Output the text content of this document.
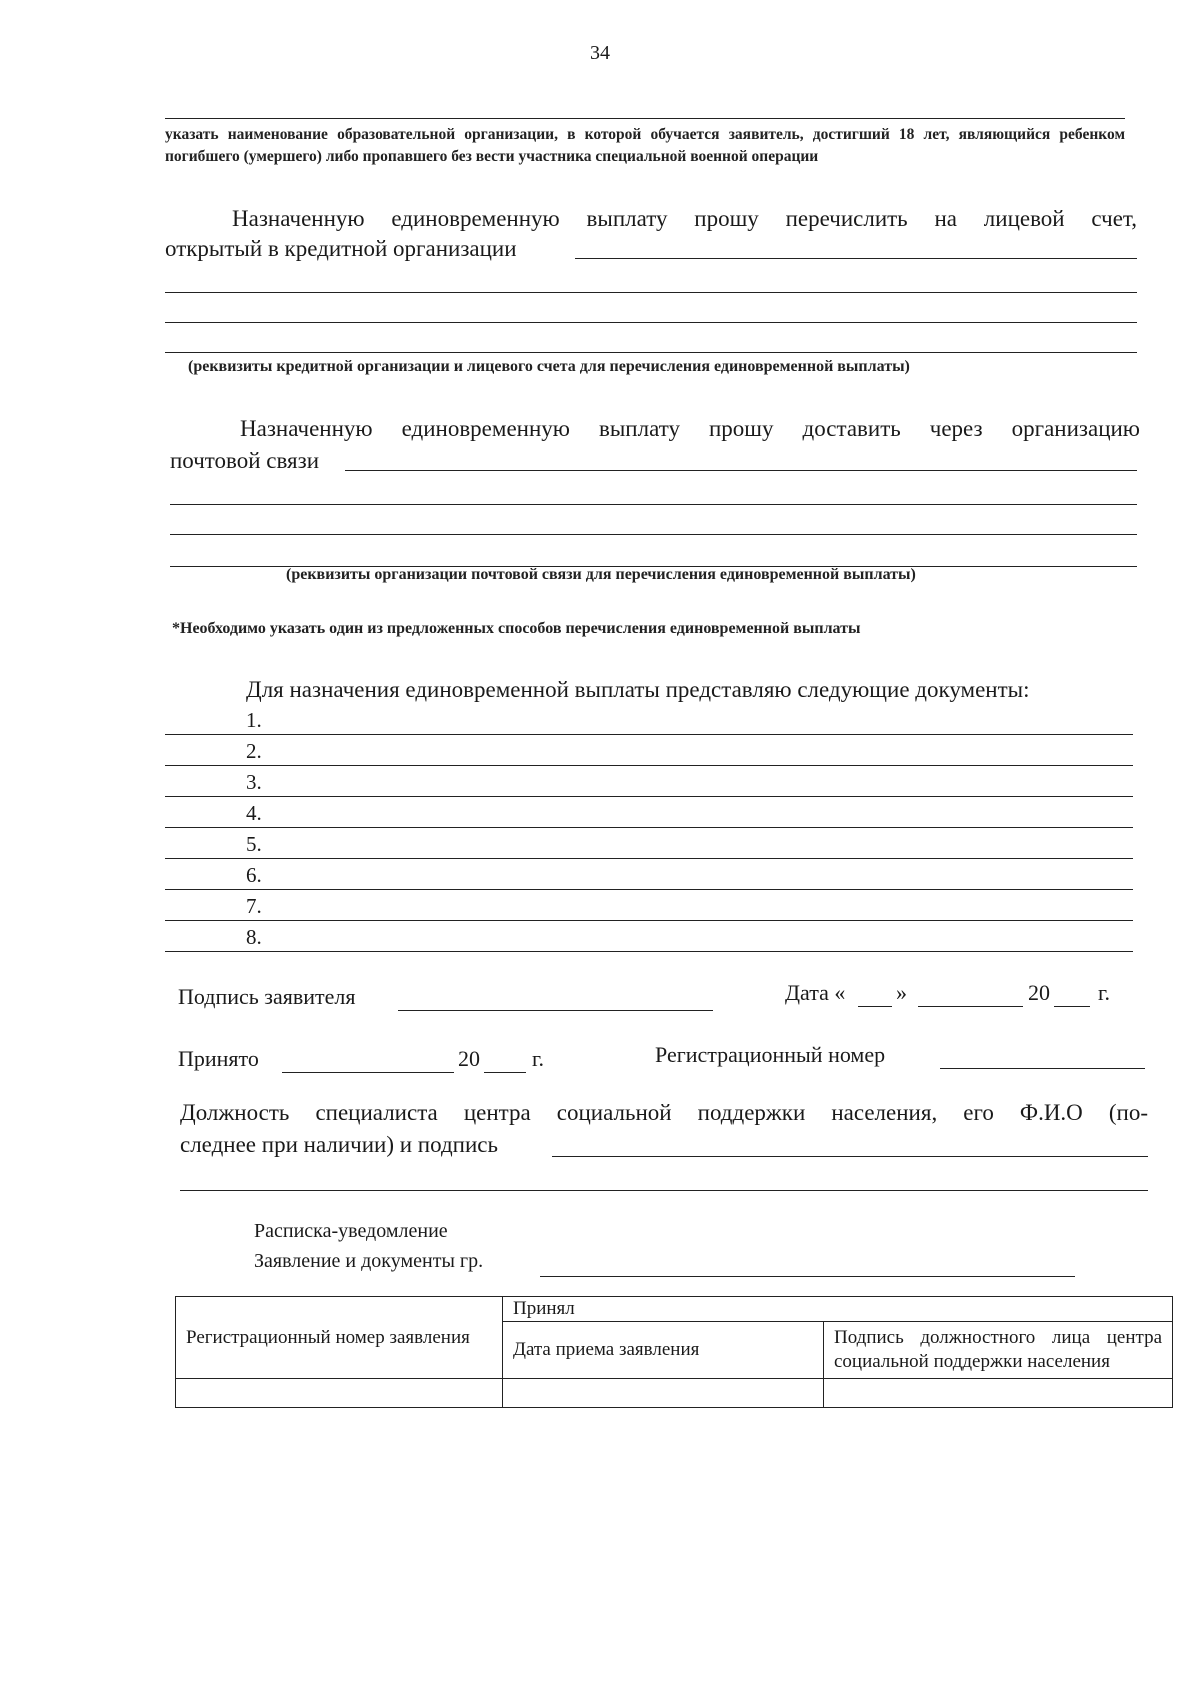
34
указать наименование образовательной организации, в которой обучается заявитель, достигший 18 лет, являющийся ребенком погибшего (умершего) либо пропавшего без вести участника специальной военной операции
Назначенную единовременную выплату прошу перечислить на лицевой счет,
открытый в кредитной организации
(реквизиты кредитной организации и лицевого счета для перечисления единовременной выплаты)
Назначенную единовременную выплату прошу доставить через организацию
почтовой связи
(реквизиты организации почтовой связи для перечисления единовременной выплаты)
*Необходимо указать один из предложенных способов перечисления единовременной выплаты
Для назначения единовременной выплаты представляю следующие документы:
1.
2.
3.
4.
5.
6.
7.
8.
Подпись заявителя	Дата « »	20 г.
Принято	20 г.	Регистрационный номер
Должность специалиста центра социальной поддержки населения, его Ф.И.О (по-
следнее при наличии) и подпись
Расписка-уведомление
Заявление и документы гр.
Регистрационный номер заявления	Принял	
	Дата приема заявления	Подпись должностного лица центра социальной поддержки населения
